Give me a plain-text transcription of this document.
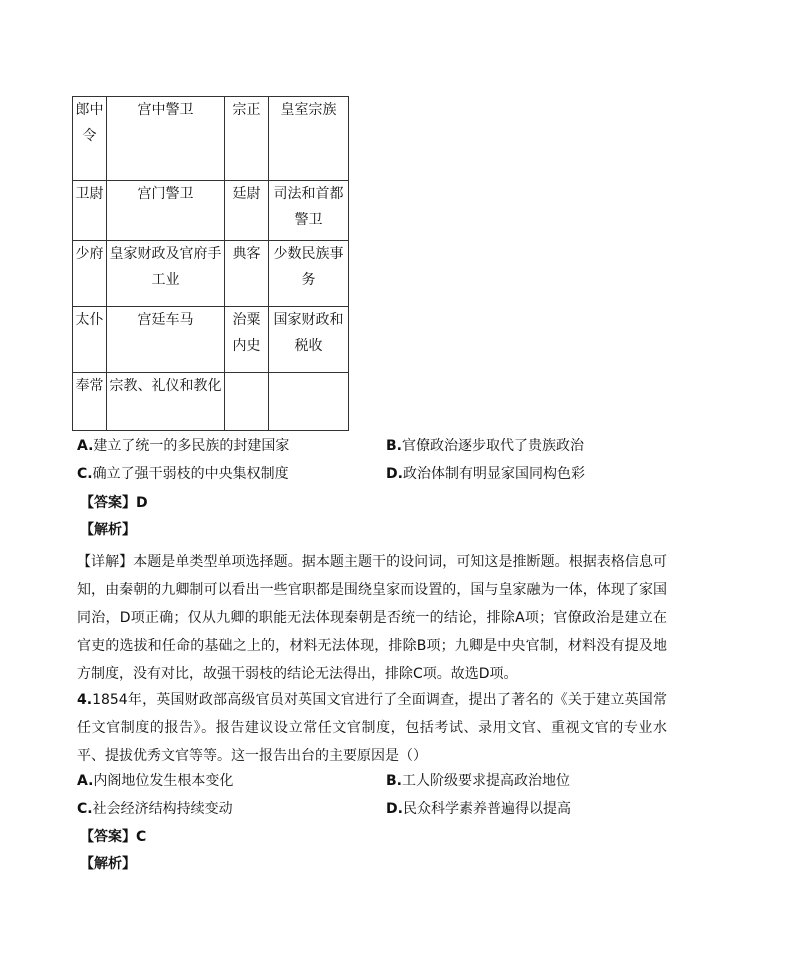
郎中令	宫中警卫	宗正	皇室宗族
卫尉	宫门警卫	廷尉	司法和首都警卫
少府	皇家财政及官府手工业	典客	少数民族事务
太仆	宫廷车马	治粟内史	国家财政和税收
奉常	宗教、礼仪和教化		
A.建立了统一的多民族的封建国家	B.官僚政治逐步取代了贵族政治
C.确立了强干弱枝的中央集权制度	D.政治体制有明显家国同构色彩
【答案】D
【解析】
【详解】本题是单类型单项选择题。据本题主题干的设问词，可知这是推断题。根据表格信息可知，由秦朝的九卿制可以看出一些官职都是围绕皇家而设置的，国与皇家融为一体，体现了家国同治，D项正确；仅从九卿的职能无法体现秦朝是否统一的结论，排除A项；官僚政治是建立在官吏的选拔和任命的基础之上的，材料无法体现，排除B项；九卿是中央官制，材料没有提及地方制度，没有对比，故强干弱枝的结论无法得出，排除C项。故选D项。
4.1854年，英国财政部高级官员对英国文官进行了全面调查，提出了著名的《关于建立英国常任文官制度的报告》。报告建议设立常任文官制度，包括考试、录用文官、重视文官的专业水平、提拔优秀文官等等。这一报告出台的主要原因是（）
A.内阁地位发生根本变化	B.工人阶级要求提高政治地位
C.社会经济结构持续变动	D.民众科学素养普遍得以提高
【答案】C
【解析】
